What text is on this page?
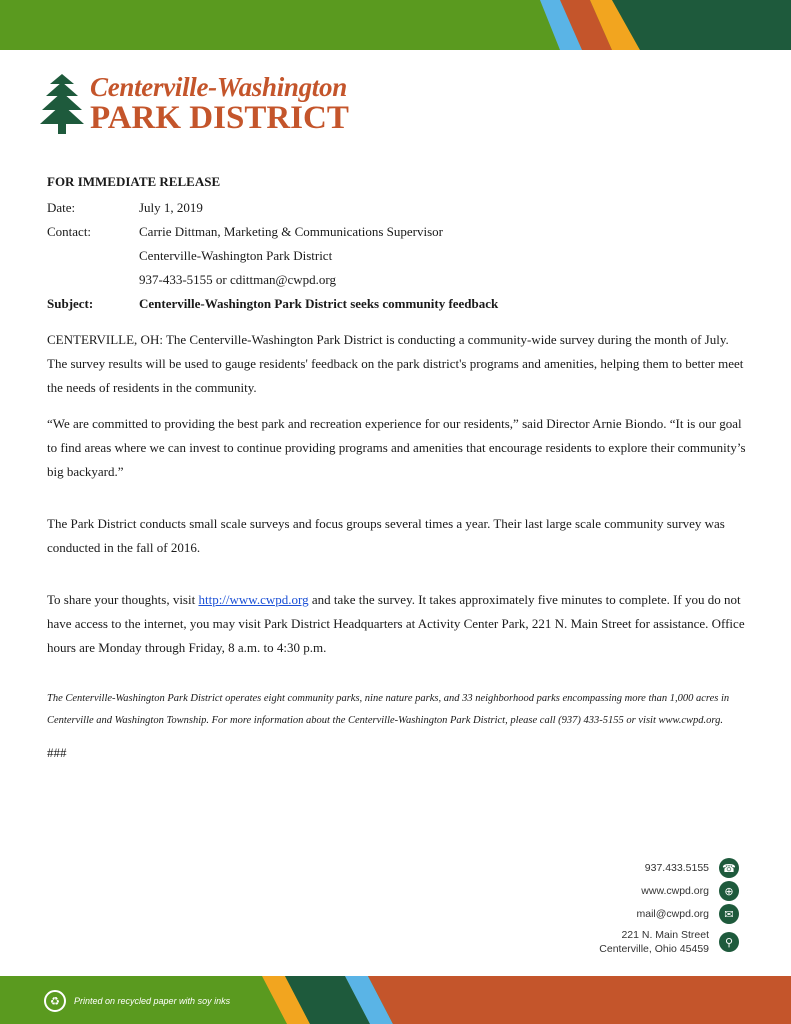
Centerville-Washington
PARK DISTRICT
FOR IMMEDIATE RELEASE
Date:	July 1, 2019
Contact:	Carrie Dittman, Marketing & Communications Supervisor
Centerville-Washington Park District
937-433-5155 or cdittman@cwpd.org
Subject:	Centerville-Washington Park District seeks community feedback
CENTERVILLE, OH: The Centerville-Washington Park District is conducting a community-wide survey during the month of July. The survey results will be used to gauge residents' feedback on the park district's programs and amenities, helping them to better meet the needs of residents in the community.
“We are committed to providing the best park and recreation experience for our residents,” said Director Arnie Biondo. “It is our goal to find areas where we can invest to continue providing programs and amenities that encourage residents to explore their community’s big backyard.”
The Park District conducts small scale surveys and focus groups several times a year. Their last large scale community survey was conducted in the fall of 2016.
To share your thoughts, visit http://www.cwpd.org and take the survey. It takes approximately five minutes to complete. If you do not have access to the internet, you may visit Park District Headquarters at Activity Center Park, 221 N. Main Street for assistance. Office hours are Monday through Friday, 8 a.m. to 4:30 p.m.
The Centerville-Washington Park District operates eight community parks, nine nature parks, and 33 neighborhood parks encompassing more than 1,000 acres in Centerville and Washington Township. For more information about the Centerville-Washington Park District, please call (937) 433-5155 or visit www.cwpd.org.
###
937.433.5155 ☎
www.cwpd.org	⊕
mail@cwpd.org	✉
221 N. Main Street
Centerville, Ohio 45459
⚲
♻	Printed on recycled paper with soy inks
